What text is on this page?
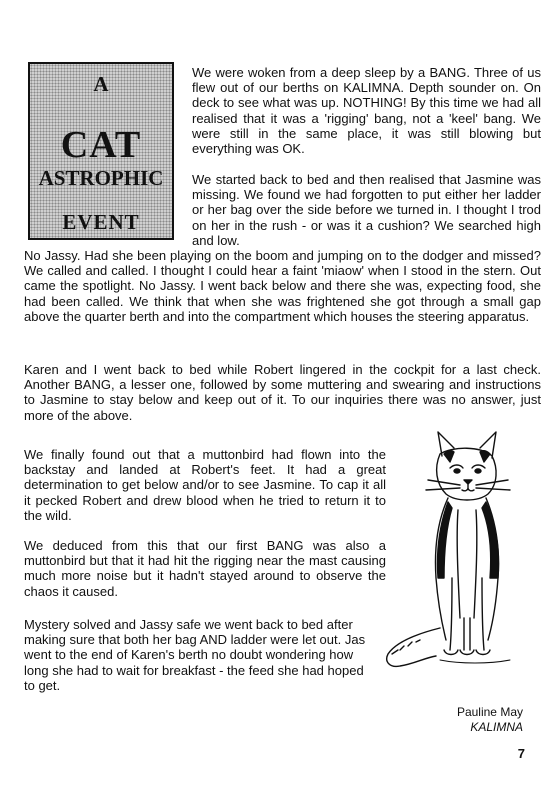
A

CAT

ASTROPHIC

EVENT

We were woken from a deep sleep by a BANG. Three of us flew out of our berths on KALIMNA. Depth sounder on. On deck to see what was up. NOTHING! By this time we had all realised that it was a 'rigging' bang, not a 'keel' bang. We were still in the same place, it was still blowing but everything was OK.

We started back to bed and then realised that Jasmine was missing. We found we had forgotten to put either her ladder or her bag over the side before we turned in. I thought I trod on her in the rush - or was it a cushion? We searched high and low.

No Jassy. Had she been playing on the boom and jumping on to the dodger and missed? We called and called. I thought I could hear a faint 'miaow' when I stood in the stern. Out came the spotlight. No Jassy. I went back below and there she was, expecting food, she had been called. We think that when she was frightened she got through a small gap above the quarter berth and into the compartment which houses the steering apparatus.

Karen and I went back to bed while Robert lingered in the cockpit for a last check. Another BANG, a lesser one, followed by some muttering and swearing and instructions to Jasmine to stay below and keep out of it. To our inquiries there was no answer, just more of the above.

We finally found out that a muttonbird had flown into the backstay and landed at Robert's feet. It had a great determination to get below and/or to see Jasmine. To cap it all it pecked Robert and drew blood when he tried to return it to the wild.

We deduced from this that our first BANG was also a muttonbird but that it had hit the rigging near the mast causing much more noise but it hadn't stayed around to observe the chaos it caused.

Mystery solved and Jassy safe we went back to bed after making sure that both her bag AND ladder were let out. Jas went to the end of Karen's berth no doubt wondering how long she had to wait for breakfast - the feed she had hoped to get.

Pauline May
KALIMNA

7
